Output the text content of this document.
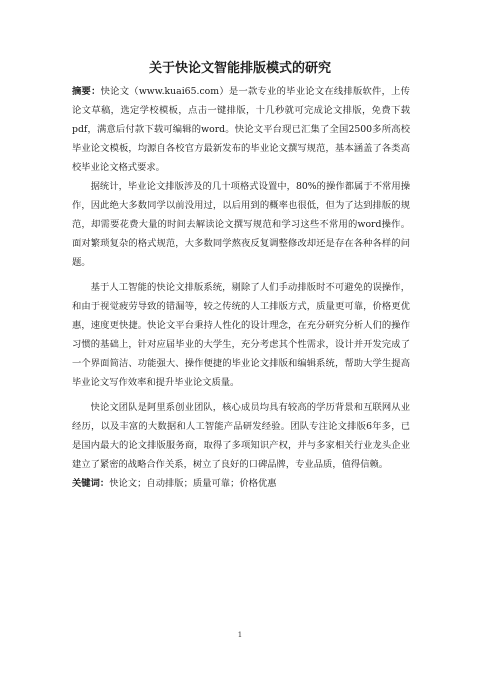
关于快论文智能排版模式的研究

摘要：快论文（www.kuai65.com）是一款专业的毕业论文在线排版软件，上传论文草稿，选定学校模板，点击一键排版，十几秒就可完成论文排版，免费下载pdf，满意后付款下载可编辑的word。快论文平台现已汇集了全国2500多所高校毕业论文模板，均源自各校官方最新发布的毕业论文撰写规范，基本涵盖了各类高校毕业论文格式要求。

据统计，毕业论文排版涉及的几十项格式设置中，80%的操作都属于不常用操作，因此绝大多数同学以前没用过，以后用到的概率也很低，但为了达到排版的规范，却需要花费大量的时间去解读论文撰写规范和学习这些不常用的word操作。面对繁琐复杂的格式规范，大多数同学熬夜反复调整修改却还是存在各种各样的问题。

基于人工智能的快论文排版系统，剔除了人们手动排版时不可避免的误操作，和由于视觉疲劳导致的错漏等，较之传统的人工排版方式，质量更可靠，价格更优惠，速度更快捷。快论文平台秉持人性化的设计理念，在充分研究分析人们的操作习惯的基础上，针对应届毕业的大学生，充分考虑其个性需求，设计并开发完成了一个界面简洁、功能强大、操作便捷的毕业论文排版和编辑系统，帮助大学生提高毕业论文写作效率和提升毕业论文质量。

快论文团队是阿里系创业团队，核心成员均具有较高的学历背景和互联网从业经历，以及丰富的大数据和人工智能产品研发经验。团队专注论文排版6年多，已是国内最大的论文排版服务商，取得了多项知识产权，并与多家相关行业龙头企业建立了紧密的战略合作关系，树立了良好的口碑品牌，专业品质，值得信赖。

关键词：快论文；自动排版；质量可靠；价格优惠

1
